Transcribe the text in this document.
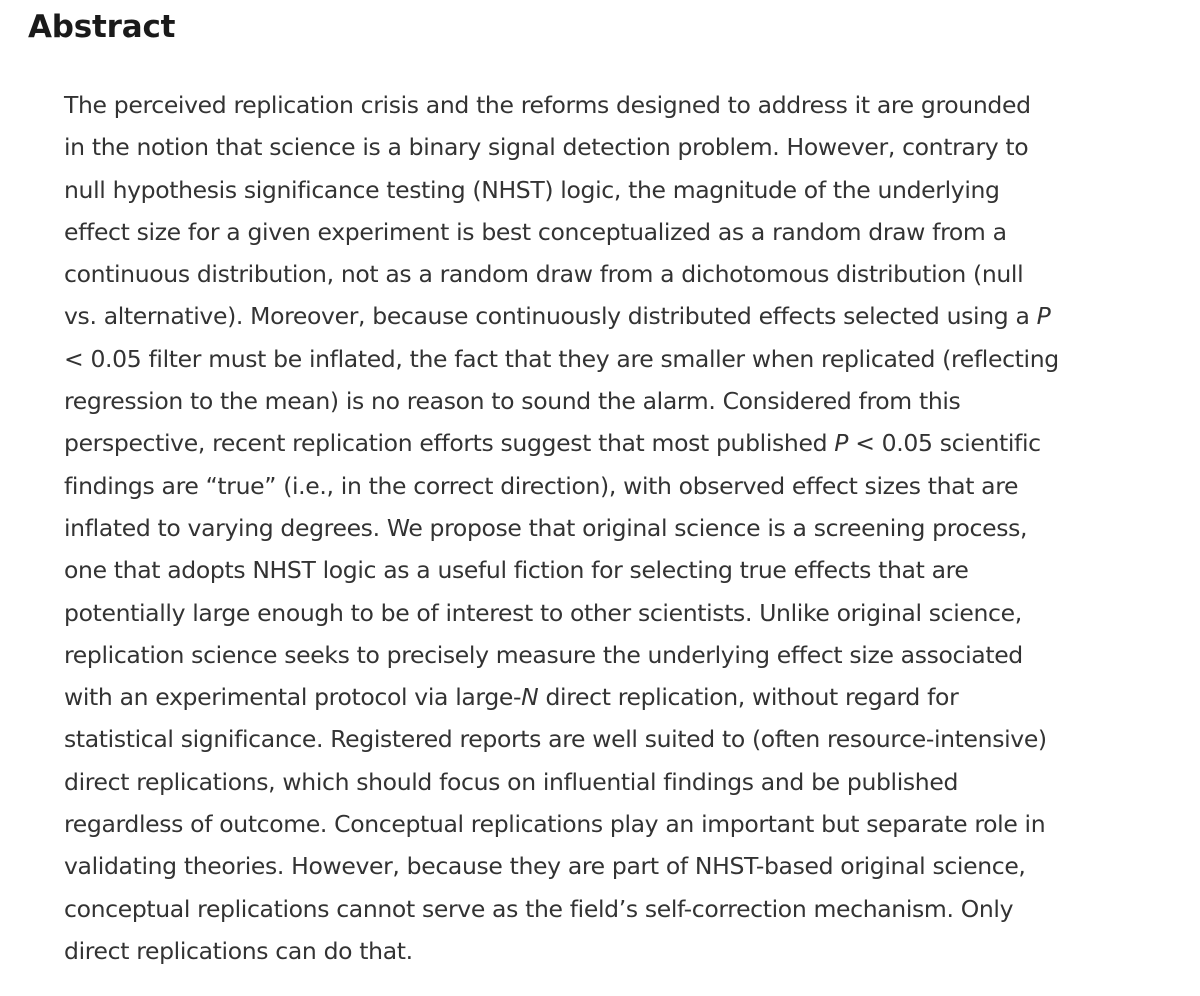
Abstract
The perceived replication crisis and the reforms designed to address it are grounded
in the notion that science is a binary signal detection problem. However, contrary to
null hypothesis significance testing (NHST) logic, the magnitude of the underlying
effect size for a given experiment is best conceptualized as a random draw from a
continuous distribution, not as a random draw from a dichotomous distribution (null
vs. alternative). Moreover, because continuously distributed effects selected using a P
< 0.05 filter must be inflated, the fact that they are smaller when replicated (reflecting
regression to the mean) is no reason to sound the alarm. Considered from this
perspective, recent replication efforts suggest that most published P < 0.05 scientific
findings are “true” (i.e., in the correct direction), with observed effect sizes that are
inflated to varying degrees. We propose that original science is a screening process,
one that adopts NHST logic as a useful fiction for selecting true effects that are
potentially large enough to be of interest to other scientists. Unlike original science,
replication science seeks to precisely measure the underlying effect size associated
with an experimental protocol via large-N direct replication, without regard for
statistical significance. Registered reports are well suited to (often resource-intensive)
direct replications, which should focus on influential findings and be published
regardless of outcome. Conceptual replications play an important but separate role in
validating theories. However, because they are part of NHST-based original science,
conceptual replications cannot serve as the field’s self-correction mechanism. Only
direct replications can do that.
